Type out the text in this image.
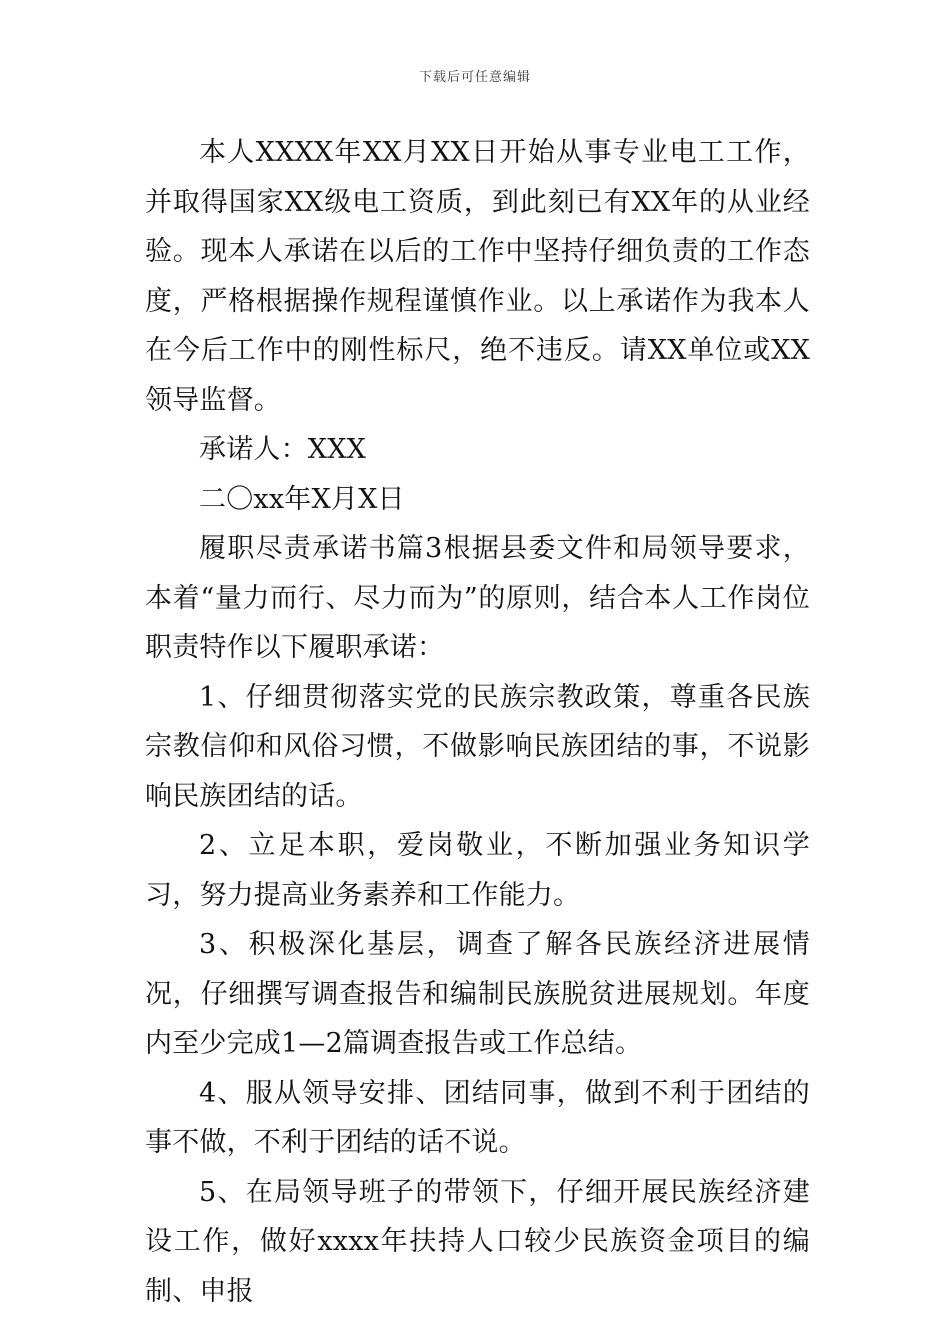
下载后可任意编辑

本人XXXX年XX月XX日开始从事专业电工工作，并取得国家XX级电工资质，到此刻已有XX年的从业经验。现本人承诺在以后的工作中坚持仔细负责的工作态度，严格根据操作规程谨慎作业。以上承诺作为我本人在今后工作中的刚性标尺，绝不违反。请XX单位或XX领导监督。

承诺人：XXX

二〇xx年X月X日

履职尽责承诺书篇3根据县委文件和局领导要求，本着“量力而行、尽力而为”的原则，结合本人工作岗位职责特作以下履职承诺：

1、仔细贯彻落实党的民族宗教政策，尊重各民族宗教信仰和风俗习惯，不做影响民族团结的事，不说影响民族团结的话。

2、立足本职，爱岗敬业，不断加强业务知识学习，努力提高业务素养和工作能力。

3、积极深化基层，调查了解各民族经济进展情况，仔细撰写调查报告和编制民族脱贫进展规划。年度内至少完成1—2篇调查报告或工作总结。

4、服从领导安排、团结同事，做到不利于团结的事不做，不利于团结的话不说。

5、在局领导班子的带领下，仔细开展民族经济建设工作，做好xxxx年扶持人口较少民族资金项目的编制、申报
